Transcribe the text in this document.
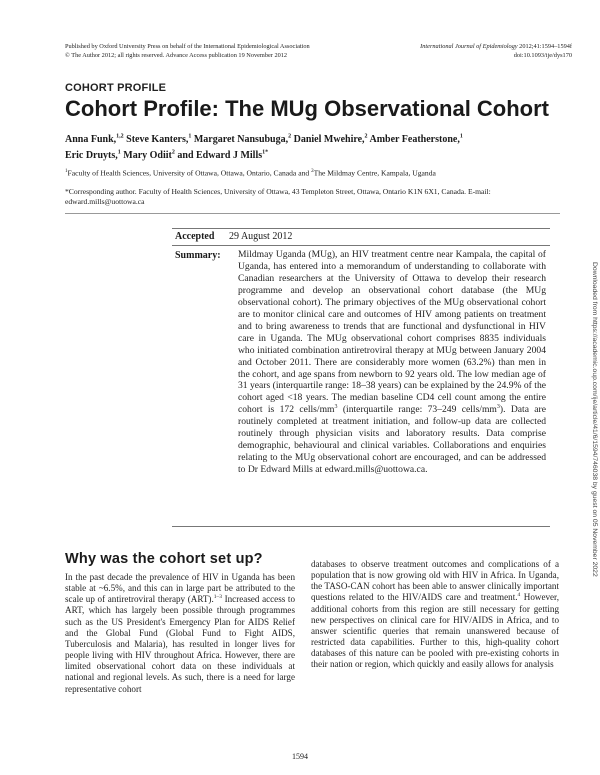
Published by Oxford University Press on behalf of the International Epidemiological Association
© The Author 2012; all rights reserved. Advance Access publication 19 November 2012
International Journal of Epidemiology 2012;41:1594–1594f
doi:10.1093/ije/dys170
COHORT PROFILE
Cohort Profile: The MUg Observational Cohort
Anna Funk,$^{1,2}$ Steve Kanters,$^1$ Margaret Nansubuga,$^2$ Daniel Mwehire,$^2$ Amber Featherstone,$^1$
Eric Druyts,$^1$ Mary Odiit$^2$ and Edward J Mills$^{1*}$
$^1$Faculty of Health Sciences, University of Ottawa, Ottawa, Ontario, Canada and $^2$The Mildmay Centre, Kampala, Uganda
*Corresponding author. Faculty of Health Sciences, University of Ottawa, 43 Templeton Street, Ottawa, Ontario K1N 6X1, Canada. E-mail: edward.mills@uottowa.ca
Accepted 29 August 2012
Summary: Mildmay Uganda (MUg), an HIV treatment centre near Kampala, the capital of Uganda, has entered into a memorandum of understanding to collaborate with Canadian researchers at the University of Ottawa to develop their research programme and develop an observational cohort database (the MUg observational cohort). The primary objectives of the MUg observational cohort are to monitor clinical care and outcomes of HIV among patients on treatment and to bring awareness to trends that are functional and dysfunctional in HIV care in Uganda. The MUg observational cohort comprises 8835 individuals who initiated combination antiretroviral therapy at MUg between January 2004 and October 2011. There are considerably more women (63.2%) than men in the cohort, and age spans from newborn to 92 years old. The low median age of 31 years (interquartile range: 18–38 years) can be explained by the 24.9% of the cohort aged <18 years. The median baseline CD4 cell count among the entire cohort is 172 cells/$mm^3$ (interquartile range: 73–249 cells/$mm^3$). Data are routinely completed at treatment initiation, and follow-up data are collected routinely through physician visits and laboratory results. Data comprise demographic, behavioural and clinical variables. Collaborations and enquiries relating to the MUg observational cohort are encouraged, and can be addressed to Dr Edward Mills at edward.mills@uottowa.ca.
Why was the cohort set up?
In the past decade the prevalence of HIV in Uganda has been stable at ~6.5%, and this can in large part be attributed to the scale up of antiretroviral therapy (ART).$^{1-3}$ Increased access to ART, which has largely been possible through programmes such as the US President's Emergency Plan for AIDS Relief and the Global Fund (Global Fund to Fight AIDS, Tuberculosis and Malaria), has resulted in longer lives for people living with HIV throughout Africa. However, there are limited observational cohort data on these individuals at national and regional levels. As such, there is a need for large representative cohort
databases to observe treatment outcomes and complications of a population that is now growing old with HIV in Africa. In Uganda, the TASO-CAN cohort has been able to answer clinically important questions related to the HIV/AIDS care and treatment.$^4$ However, additional cohorts from this region are still necessary for getting new perspectives on clinical care for HIV/AIDS in Africa, and to answer scientific queries that remain unanswered because of restricted data capabilities. Further to this, high-quality cohort databases of this nature can be pooled with pre-existing cohorts in their nation or region, which quickly and easily allows for analysis
1594
Downloaded from https://academic.oup.com/ije/article/41/6/1594/746038 by guest on 05 November 2022
